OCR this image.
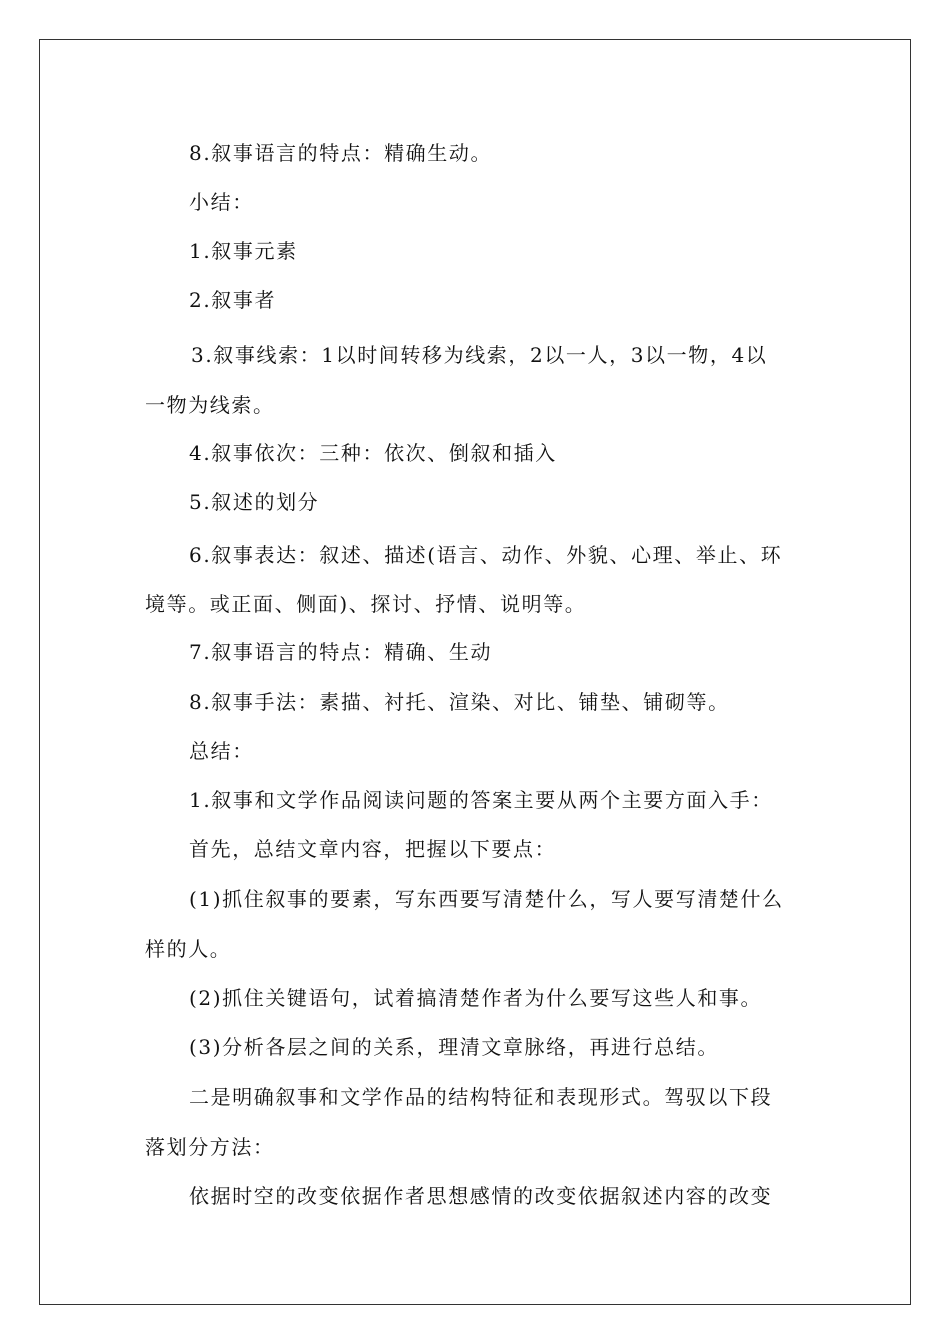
8.叙事语言的特点：精确生动。
小结：
1.叙事元素
2.叙事者
3.叙事线索：1以时间转移为线索，2以一人，3以一物，4以
一物为线索。
4.叙事依次：三种：依次、倒叙和插入
5.叙述的划分
6.叙事表达：叙述、描述(语言、动作、外貌、心理、举止、环
境等。或正面、侧面)、探讨、抒情、说明等。
7.叙事语言的特点：精确、生动
8.叙事手法：素描、衬托、渲染、对比、铺垫、铺砌等。
总结：
1.叙事和文学作品阅读问题的答案主要从两个主要方面入手：
首先，总结文章内容，把握以下要点：
(1)抓住叙事的要素，写东西要写清楚什么，写人要写清楚什么
样的人。
(2)抓住关键语句，试着搞清楚作者为什么要写这些人和事。
(3)分析各层之间的关系，理清文章脉络，再进行总结。
二是明确叙事和文学作品的结构特征和表现形式。驾驭以下段
落划分方法：
依据时空的改变依据作者思想感情的改变依据叙述内容的改变
